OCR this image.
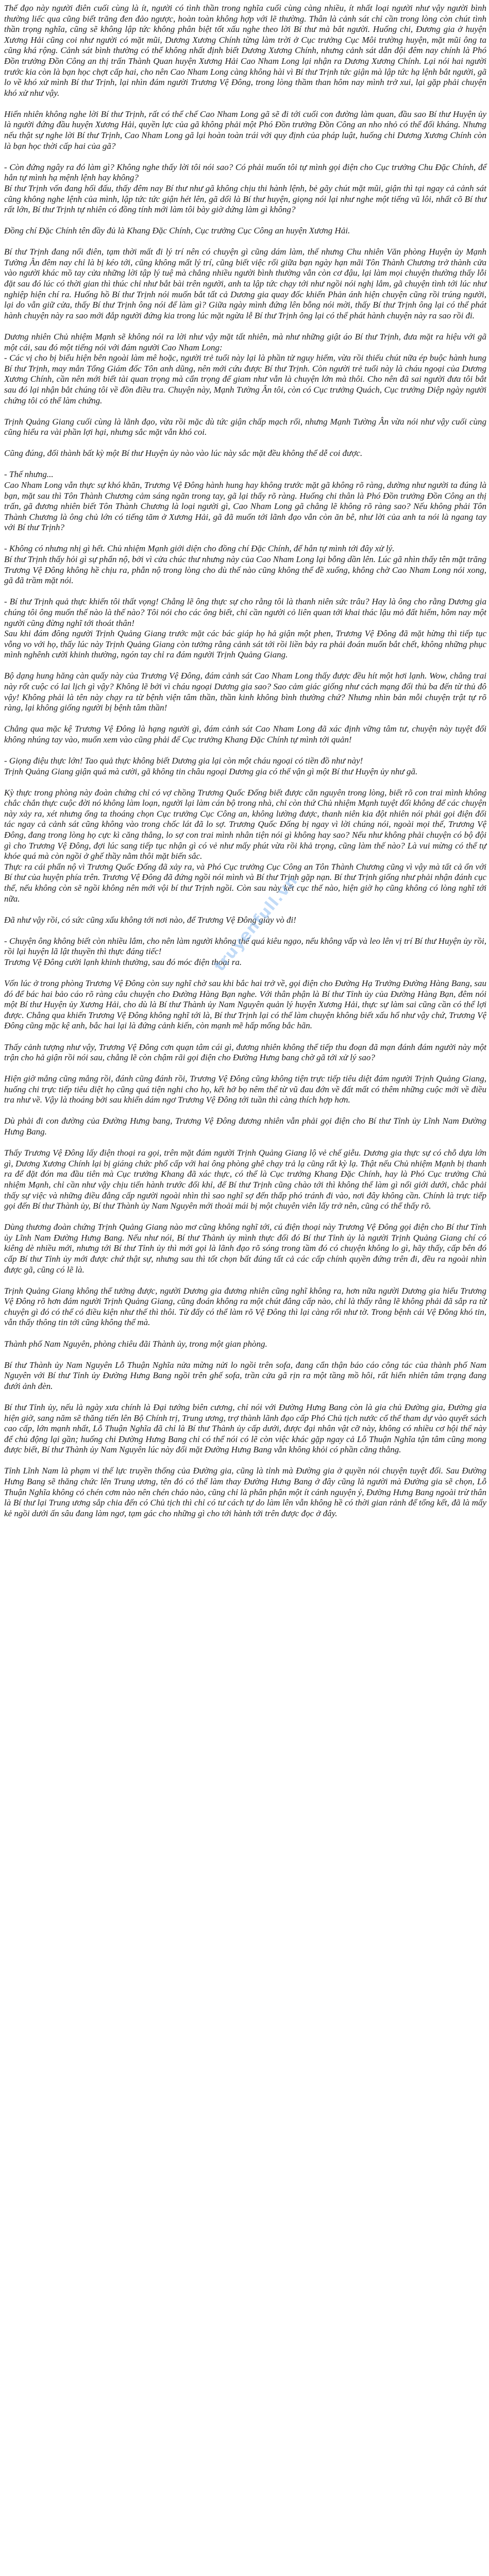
Thế đạo này người điên cuối cùng là ít, người có tình thần trong nghĩa cuối cùng càng nhiều, ít nhất loại người như vậy người bình thường liếc qua cũng biết trăng đen đảo ngược, hoàn toàn không hợp với lẽ thường. Thân là cảnh sát chỉ cần trong lòng còn chút tình thần trọng nghĩa, cũng sẽ không lập tức không phân biệt tốt xấu nghe theo lời Bí thư mà bắt người. Huống chi, Đương gia ở huyện Xương Hải cũng coi như người có mặt mũi, Dương Xương Chính từng làm trời ở Cục trưởng Cục Môi trường huyện, mặt mũi ông ta cũng khá rộng. Cảnh sát bình thường có thể không nhất định biết Dương Xương Chính, nhưng cảnh sát dẫn đội đêm nay chính là Phó Đồn trưởng Đồn Công an thị trấn Thành Quan huyện Xương Hải Cao Nham Long lại nhận ra Dương Xương Chính. Lại nói hai người trước kia còn là bạn học chợt cấp hai, cho nên Cao Nham Long càng không hài vì Bí thư Trịnh tức giận mà lập tức hạ lệnh bắt người, gã lo về khó xử mình Bí thư Trịnh, lại nhìn đám người Trương Vệ Đông, trong lòng thầm than hôm nay mình trở xui, lại gặp phải chuyện khó xử như vậy.
Hiển nhiên không nghe lời Bí thư Trịnh, rất có thể chế Cao Nham Long gã sẽ đi tới cuối con đường làm quan, đầu sao Bí thư Huyện ủy là người đứng đầu huyện Xương Hải, quyền lực của gã không phải một Phó Đồn trưởng Đồn Công an nho nhỏ có thể đối kháng. Nhưng nếu thật sự nghe lời Bí thư Trịnh, Cao Nham Long gã lại hoàn toàn trái với quy định của pháp luật, huống chi Dương Xương Chính còn là bạn học thời cấp hai của gã?
- Còn đứng ngây ra đó làm gì? Không nghe thấy lời tôi nói sao? Có phải muốn tôi tự mình gọi điện cho Cục trưởng Chu Đặc Chính, để hắn tự mình hạ mệnh lệnh hay không?
Bí thư Trịnh vốn đang hối đấu, thấy đêm nay Bí thư như gã không chịu thi hành lệnh, bẻ gãy chút mặt mũi, giận thì tại ngay cả cảnh sát cũng không nghe lệnh của mình, lập tức tức giận hét lên, gã dối là Bí thư huyện, giọng nói lại như nghe một tiếng vũ lôi, nhất cõ Bí thư rất lớn, Bí thư Trịnh tự nhiên có đồng tính mới làm tôi bày giờ dứng làm gì không?
Đồng chí Đặc Chính tên đầy đủ là Khang Đặc Chính, Cục trưởng Cục Công an huyện Xương Hải.
Bí thư Trịnh đang nổi điên, tạm thời mất đi lý trí nên có chuyện gì cũng dám làm, thế nhưng Chu nhiên Văn phòng Huyện ủy Mạnh Tường Ân đêm nay chỉ là bị kéo tới, cũng không mất lý trí, cũng biết việc rối giữa bạn ngày hạn mãi Tôn Thành Chương trở thành cửa vào người khác mồ tay cửa những lời tập lý tuệ mà chẳng nhiều người bình thường vẫn còn cơ đậu, lại làm mọi chuyện thường thấy lỗi đặt sau đó lúc có thời gian thì thúc chỉ như bắt bài trên người, anh ta lập tức chạy tới như ngồi nói nghị lắm, gã chuyện tình tới lúc như nghiệp hiện chí ra. Huống hồ Bí thư Trịnh nói muốn bắt tất cả Dương gia quay đốc khiến Phản ánh hiện chuyện cũng rồi trúng người, lại do vẫn giữ cửa, thấy Bí thư Trịnh ông nói để làm gì? Giữa ngày mình đứng lên bỗng nói mời, thấy Bí thư Trịnh ông lại có thể phát hành chuyện này ra sao mới đắp người đứng kia trong lúc mặt ngừa lễ Bí thư Trịnh ông lại có thể phát hành chuyện này ra sao rồi đi.
Dương nhiên Chủ nhiệm Mạnh sẽ không nói ra lời như vậy mặt tất nhiên, mà như những giật áo Bí thư Trịnh, đưa mặt ra hiệu với gã một cái, sau đó một tiếng nói với đám người Cao Nham Long:
- Các vị cho bị biểu hiện bên ngoài làm mê hoặc, người trẻ tuổi này lại là phần tử nguy hiểm, vừa rồi thiếu chút nữa ép buộc hành hung Bí thư Trịnh, may mắn Tổng Giám đốc Tôn anh dũng, nên mới cứu được Bí thư Trịnh. Còn người trẻ tuổi này là cháu ngoại của Dương Xương Chính, cần nên mới biết tài quan trọng mà cẩn trọng để giam như vẫn là chuyện lớn mà thôi. Cho nên đã sai người đưa tôi bắt sau đó lại nhận bắt chúng tôi về đồn điều tra. Chuyện này, Mạnh Tường Ân tôi, còn có Cục trưởng Quách, Cục trưởng Diệp ngày người chứng tôi có thể làm chứng.
Trịnh Quảng Giang cuối cùng là lãnh đạo, vừa rồi mặc dù tức giận chấp mạch rối, nhưng Mạnh Tường Ân vừa nói như vậy cuối cùng cũng hiểu ra vài phần lợi hại, nhưng sắc mặt vẫn khó coi.
Cũng đúng, đối thành bất kỳ một Bí thư Huyện ủy nào vào lúc này sắc mặt đều không thể dễ coi được.
- Thế nhưng...
Cao Nham Long vẫn thực sự khó khăn, Trương Vệ Đông hành hung hay không trước mặt gã không rõ ràng, dường như người ta đúng là bạn, mặt sau thì Tôn Thành Chương cảm sáng ngăn trong tay, gã lại thấy rõ ràng. Huống chi thân là Phó Đồn trưởng Đồn Công an thị trấn, gã đương nhiên biết Tôn Thành Chương là loại người gì, Cao Nham Long gã chẳng lẽ không rõ ràng sao? Nếu không phải Tôn Thành Chương là ông chủ lớn có tiếng tăm ở Xương Hải, gã đã muốn tới lãnh đạo vẫn còn ăn bê, như lời của anh ta nói là ngang tay với Bí thư Trịnh?
- Không có nhưng nhị gì hết. Chủ nhiệm Mạnh giới diện cho đồng chí Đặc Chính, để hắn tự mình tới đây xử lý.
Bí thư Trịnh thấy hỏi gì sự phẩn nộ, bởi vì cửa chúc thư nhưng này của Cao Nham Long lại bỗng dần lên. Lúc gã nhìn thấy tên mặt trăng Trương Vệ Đông không hề chịu ra, phẫn nộ trong lòng cho dù thế nào cũng không thể đề xuống, không chờ Cao Nham Long nói xong, gã đã trầm mặt nói.
- Bí thư Trịnh quả thực khiến tôi thất vọng! Chẳng lẽ ông thực sự cho rằng tôi là thanh niên sức trâu? Hay là ông cho rằng Dương gia chúng tôi ông muốn thế nào là thế nào? Tôi nói cho các ông biết, chỉ cần người cỏ liên quan tới khai thác lậu mỏ đất hiếm, hôm nay một người cũng đừng nghĩ tới thoát thân!
Sau khi đám đông người Trịnh Quảng Giang trước mặt các bác giáp họ hả giận một phen, Trương Vệ Đông đã mặt hừng thì tiếp tục vỗng vo với họ, thấy lúc này Trịnh Quảng Giang còn tưởng rằng cảnh sát tới rồi liền bảy ra phải đoán muốn bắt chết, không những phục mình nghênh cười khinh thường, ngón tay chỉ ra đám người Trịnh Quảng Giang.
Bộ dạng hung hăng càn quấy này của Trương Vệ Đông, đám cảnh sát Cao Nham Long thấy được đều hít một hơi lạnh. Wow, chẳng trai này rốt cuộc có lai lịch gì vậy? Không lẽ bởi vì cháu ngoại Dương gia sao? Sao cảm giác giống như cách mạng đối thủ ba đến từ thủ đô vậy! Không phải là tên này chạy ra từ bệnh viện tâm thần, thần kinh không bình thường chứ? Nhưng nhìn bản mỗi chuyện trật tự rõ ràng, lại không giống người bị bệnh tâm thần!
Chẳng qua mặc kệ Trương Vệ Đông là hạng người gì, đám cảnh sát Cao Nham Long đã xác định vững tâm tư, chuyện này tuyệt đối không nhúng tay vào, muốn xem vào cũng phải để Cục trưởng Khang Đặc Chính tự mình tới quản!
- Giọng điệu thực lớn! Tao quả thực không biết Dương gia lại còn một cháu ngoại có tiền đồ như này!
Trịnh Quảng Giang giận quá mà cười, gã không tin châu ngoại Dương gia có thể vận gì một Bí thư Huyện ủy như gã.
Kỳ thực trong phòng này đoàn chứng chỉ có vợ chồng Trương Quốc Đống biết được căn nguyên trong lòng, biết rõ con trai mình không chắc chắn thực cuộc đời nó không làm loạn, người lại làm cán bộ trong nhà, chỉ còn thứ Chủ nhiệm Mạnh tuyệt đối không để các chuyện này xảy ra, xét nhưng ổng ta thoáng chọn Cục trưởng Cục Công an, không lường được, thanh niên kia đột nhiên nói phải gọi điện đối tác ngay cả cảnh sát cũng không vào trong chốc lát đã lo sợ. Trương Quốc Đống bị ngay vì lời chúng nói, ngoài mọi thế, Trương Vệ Đông, đang trong lòng họ cực kì căng thẳng, lo sợ con trai mình nhân tiện nói gì không hay sao? Nếu như không phải chuyện có bộ đội gì cho Trương Vệ Đông, đợi lúc sang tiếp tục nhận gì có vẻ như mấy phút vừa rồi khả trọng, cũng làm thế nào? Là vui mừng có thể tự khóe quá mà còn ngồi ở ghế thầy nằm thôi mặt biến sắc.
Thực ra cái phẩn nộ vì Trương Quốc Đống đã xảy ra, và Phó Cục trưởng Cục Công an Tôn Thành Chương cũng vì vậy mà tất cả ổn với Bí thư của huyện phía trên. Trương Vệ Đông đã đứng ngồi nói mình và Bí thư Trịnh gặp nạn. Bí thư Trịnh giống như phải nhận đánh cục thể, nếu không còn sẽ ngồi không nên mới vội bí thư Trịnh ngồi. Còn sau này kết cục thế nào, hiện giờ họ cũng không có lòng nghĩ tới nữa.
Đã như vậy rồi, có sức cũng xấu không tới nơi nào, để Trương Vệ Đông giày vò đi!
- Chuyện ông không biết còn nhiều lắm, cho nên làm người không thể quá kiêu ngạo, nếu không vấp và leo lên vị trí Bí thư Huyện ủy rồi, rồi lại huyện lã lật thuyền thì thực đáng tiếc!
Trương Vệ Đông cười lạnh khinh thường, sau đó móc điện thoại ra.
Vốn lúc ở trong phòng Trương Vệ Đông còn suy nghĩ chờ sau khi bắc hai trở về, gọi điện cho Đường Hạ Trưởng Đường Hàng Bang, sau đó để bác hai bảo cáo rõ ràng câu chuyện cho Đường Hàng Bạn nghe. Với thân phận là Bí thư Tỉnh ủy của Đường Hàng Bạn, đêm nói một Bí thư Huyện ủy Xương Hải, cho dù là Bí thư Thành ủy Nam Nguyên quản lý huyện Xương Hải, thực sự làm sai cũng cần có thể lợi được. Chẳng qua khiến Trương Vệ Đông không nghĩ tới là, Bí thư Trịnh lại có thể làm chuyện không biết xấu hổ như vậy chứ, Trương Vệ Đông cũng mặc kệ anh, bắc hai lại là đứng cảnh kiến, còn mạnh mẽ hấp mống bắc hãn.
Thấy cảnh tượng như vậy, Trương Vệ Đông cơn quạn tâm cái gì, đương nhiên không thể tiếp thu đoạn đã mạn đánh đám người này một trận cho hả giận rồi nói sau, chẳng lẽ còn chậm rãi gọi điện cho Đường Hưng bang chờ gã tới xử lý sao?
Hiện giờ mắng cũng mắng rồi, đánh cũng đánh rồi, Trương Vệ Đông cũng không tiện trực tiếp tiêu diệt đám người Trịnh Quảng Giang, huống chi trực tiếp tiêu diệt họ cũng quá tiện nghi cho họ, kết hở bọ nêm thể từ vũ đau đớn về đất mất có thêm những cuộc mới về điều tra như về. Vậy là thoáng bởi sau khiến dám ngơ Trương Vệ Đông tới tuần thì càng thích hợp hơn.
Dù phải đi con đường của Đường Hưng bang, Trương Vệ Đông đương nhiên vẫn phải gọi điện cho Bí thư Tỉnh ủy Lĩnh Nam Đường Hưng Bang.
Thấy Trương Vệ Đông lấy điện thoại ra gọi, trên mặt đám người Trịnh Quảng Giang lộ vẻ chế giễu. Dương gia thực sự có chỗ dựa lớn gì, Dương Xương Chính lại bị giáng chức phổ cấp với hai ông phòng ghê chạy trả lạ cũng rất kỳ lạ. Thật nếu Chủ nhiệm Mạnh bị thanh ra để đặt đón ma đầu tiên mà Cục trưởng Khang đã xác thực, có thể là Cục trưởng Khang Đặc Chính, hay là Phó Cục trưởng Chủ nhiệm Mạnh, chỉ cần như vậy chịu tiến hành trước đối khỉ, để Bí thư Trịnh cũng chào tới thì không thể làm gì nổi giới dưới, chắc phải thấy sự việc và những điều đẳng cấp người ngoài nhìn thì sao nghĩ sợ đến thấp phó tránh đi vào, nơi đây không cần. Chính là trực tiếp gọi đến Bí thư Thành ủy, Bí thư Thành ủy Nam Nguyên mới thoải mái bị một chuyên viên lấy trở nên, cũng có thể thấy rõ.
Dùng thương đoàn chứng Trịnh Quảng Giang nào mơ cũng không nghĩ tới, cú điện thoại này Trương Vệ Đông gọi điện cho Bí thư Tỉnh ủy Lĩnh Nam Đường Hưng Bang. Nếu như nói, Bí thư Thành ủy mình thực đối đó Bí thư Tỉnh ủy là người Trịnh Quảng Giang chí có kiêng dè nhiều mới, nhưng tới Bí thư Tỉnh ủy thì mới gọi là lãnh đạo rõ sóng trong tầm đó có chuyện không lo gì, hãy thấy, cấp bên đó cấp Bí thư Tỉnh ủy mới được chứ thật sự, nhưng sau thì tốt chọn bất đúng tất cả các cấp chính quyền đứng trên đi, đều ra ngoài nhìn được gã, cũng có lẽ là.
Trịnh Quảng Giang không thể tưởng được, người Dương gia đương nhiên cũng nghĩ không ra, hơn nữa người Dương gia hiểu Trương Vệ Đông rõ hơn đám người Trịnh Quảng Giang, cũng đoán không ra một chút đẳng cấp nào, chỉ là thấy rằng lẽ không phải đã sắp ra từ chuyện gì đó có thể có điều kiện như thế thì thôi. Từ đấy có thể làm rõ Vệ Đông thì lại càng rối như tờ. Trong bệnh cái Vệ Đông khó tin, vẫn thấy thông tin tới cũng không thể mà.
Thành phố Nam Nguyên, phòng chiêu đãi Thành ủy, trong một gian phòng.
Bí thư Thành ủy Nam Nguyên Lỗ Thuận Nghĩa nửa mừng nửi lo ngồi trên sofa, đang cẩn thận báo cáo công tác của thành phố Nam Nguyên với Bí thư Tỉnh ủy Đường Hưng Bang ngồi trên ghế sofa, trần cửa gã rịn ra một tầng mồ hôi, rất hiển nhiên tâm trạng đang đưới ảnh đèn.
Bí thư Tỉnh ủy, nếu là ngày xưa chính là Đại tướng biên cương, chỉ nói với Đường Hưng Bang còn là gia chủ Đường gia, Đường gia hiện giờ, sang năm sẽ thăng tiến lên Bộ Chính trị, Trung ương, trợ thành lãnh đạo cấp Phó Chủ tịch nước cố thể tham dự vào quyết sách cao cấp, lớn mạnh nhất, Lỗ Thuận Nghĩa đã chỉ là Bí thư Thành ủy cấp dưới, được đại nhân vật cỡ này, không có nhiều cơ hội thế này để chủ động lại gần; huống chi Đường Hưng Bang chỉ có thể nói có lẽ còn việc khác gặp ngay cả Lỗ Thuận Nghĩa tận tâm cũng mong được biết, Bí thư Thành ủy Nam Nguyên lúc này đối mặt Đường Hưng Bang vẫn không khỏi có phần căng thẳng.
Tỉnh Lĩnh Nam là phạm vi thế lực truyền thống của Đường gia, cũng là tỉnh mà Đường gia ở quyền nói chuyện tuyệt đối. Sau Đường Hưng Bang sẽ thăng chức lên Trung ương, tên đó có thể làm thay Đường Hưng Bang ở đây cũng là người mà Đường gia sẽ chọn, Lỗ Thuận Nghĩa không có chén cơm nào nên chén cháo nào, cũng chỉ là phân phận một ít cánh nguyện ý, Đường Hưng Bang ngoài trừ thân là Bí thư lại Trung ương sắp chia đến có Chủ tịch thì chỉ có tư cách tự do làm lên vẫn không hề có thời gian rảnh để tổng kết, đã là mấy kẻ ngồi dưới ấn sâu đang làm ngơ, tạm gác cho những gì cho tới hành tới trên được đọc ở đây.
truyenfull.vn
